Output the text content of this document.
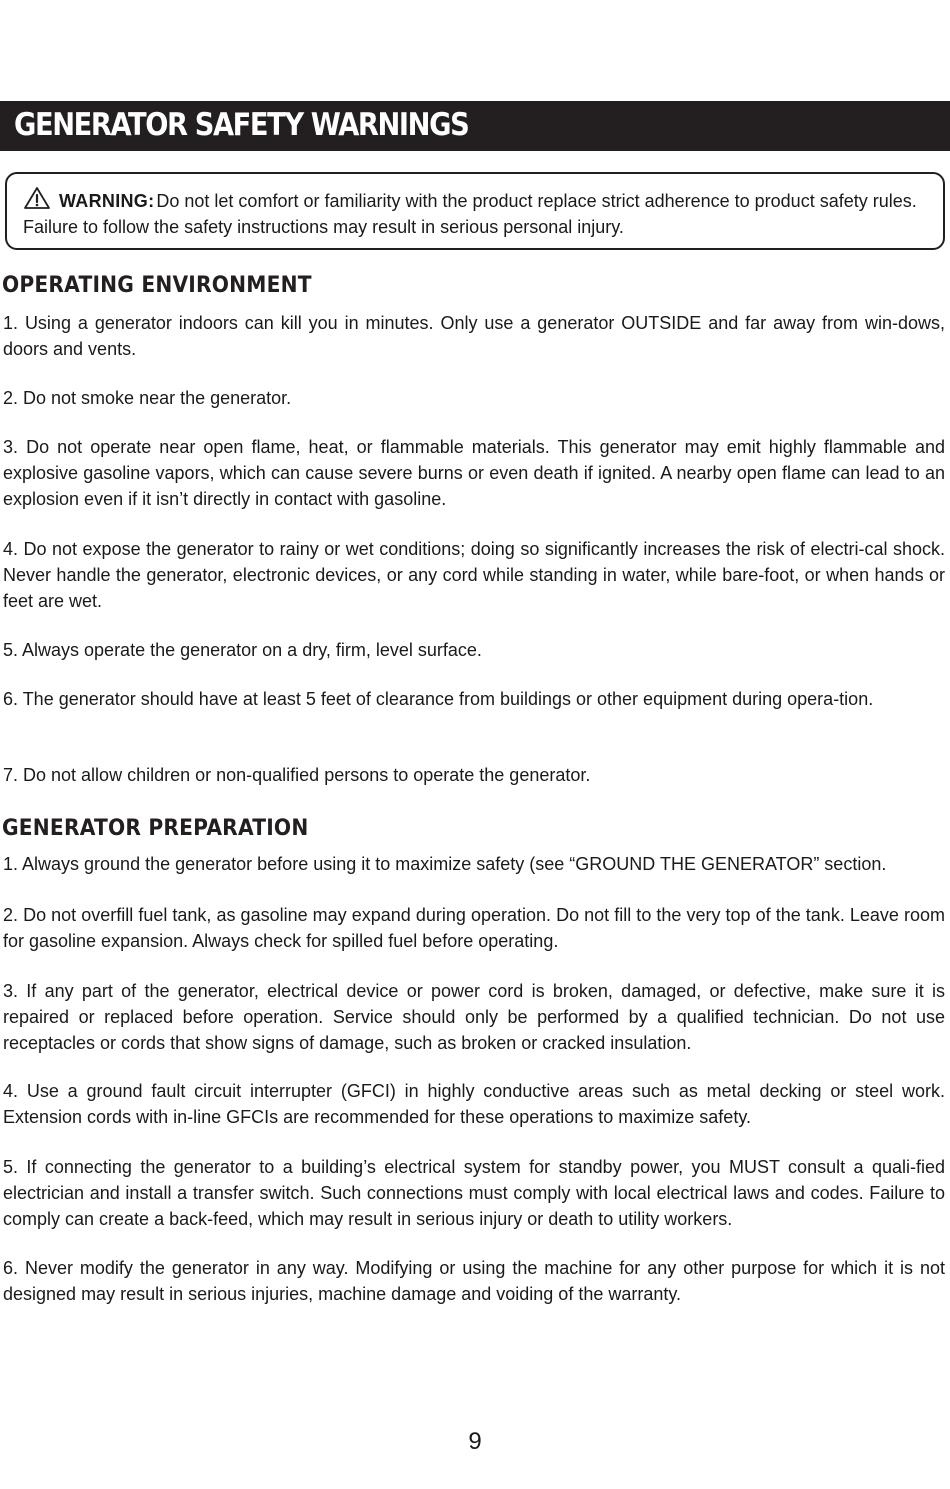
GENERATOR SAFETY WARNINGS
WARNING: Do not let comfort or familiarity with the product replace strict adherence to product safety rules. Failure to follow the safety instructions may result in serious personal injury.
OPERATING ENVIRONMENT

1. Using a generator indoors can kill you in minutes. Only use a generator OUTSIDE and far away from win-dows, doors and vents.

2. Do not smoke near the generator.

3. Do not operate near open flame, heat, or flammable materials. This generator may emit highly flammable and explosive gasoline vapors, which can cause severe burns or even death if ignited. A nearby open flame can lead to an explosion even if it isn’t directly in contact with gasoline.

4. Do not expose the generator to rainy or wet conditions; doing so significantly increases the risk of electri-cal shock. Never handle the generator, electronic devices, or any cord while standing in water, while bare-foot, or when hands or feet are wet.

5. Always operate the generator on a dry, firm, level surface.

6. The generator should have at least 5 feet of clearance from buildings or other equipment during opera-tion.

7. Do not allow children or non-qualified persons to operate the generator.

GENERATOR PREPARATION

1. Always ground the generator before using it to maximize safety (see “GROUND THE GENERATOR” section.

2. Do not overfill fuel tank, as gasoline may expand during operation. Do not fill to the very top of the tank. Leave room for gasoline expansion. Always check for spilled fuel before operating.

3. If any part of the generator, electrical device or power cord is broken, damaged, or defective, make sure it is repaired or replaced before operation. Service should only be performed by a qualified technician. Do not use receptacles or cords that show signs of damage, such as broken or cracked insulation.

4. Use a ground fault circuit interrupter (GFCI) in highly conductive areas such as metal decking or steel work. Extension cords with in-line GFCIs are recommended for these operations to maximize safety.

5. If connecting the generator to a building’s electrical system for standby power, you MUST consult a quali-fied electrician and install a transfer switch. Such connections must comply with local electrical laws and codes. Failure to comply can create a back-feed, which may result in serious injury or death to utility workers.

6. Never modify the generator in any way. Modifying or using the machine for any other purpose for which it is not designed may result in serious injuries, machine damage and voiding of the warranty.

9
